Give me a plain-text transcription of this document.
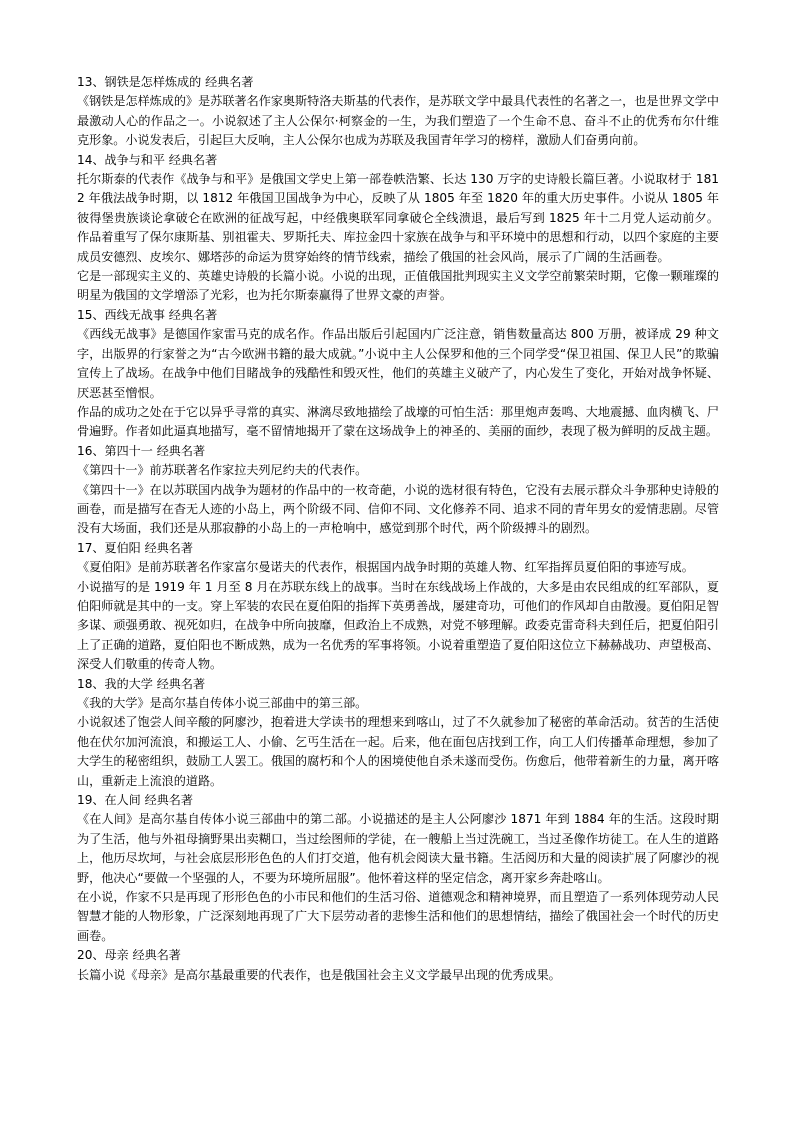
13、钢铁是怎样炼成的 经典名著

《钢铁是怎样炼成的》是苏联著名作家奥斯特洛夫斯基的代表作，是苏联文学中最具代表性的名著之一，也是世界文学中最激动人心的作品之一。小说叙述了主人公保尔·柯察金的一生，为我们塑造了一个生命不息、奋斗不止的优秀布尔什维克形象。小说发表后，引起巨大反响，主人公保尔也成为苏联及我国青年学习的榜样，激励人们奋勇向前。

14、战争与和平 经典名著

托尔斯泰的代表作《战争与和平》是俄国文学史上第一部卷帙浩繁、长达 130 万字的史诗般长篇巨著。小说取材于 1812 年俄法战争时期，以 1812 年俄国卫国战争为中心，反映了从 1805 年至 1820 年的重大历史事件。小说从 1805 年彼得堡贵族谈论拿破仑在欧洲的征战写起，中经俄奥联军同拿破仑全线溃退，最后写到 1825 年十二月党人运动前夕。作品着重写了保尔康斯基、别祖霍夫、罗斯托夫、库拉金四十家族在战争与和平环境中的思想和行动，以四个家庭的主要成员安德烈、皮埃尔、娜塔莎的命运为贯穿始终的情节线索，描绘了俄国的社会风尚，展示了广阔的生活画卷。

它是一部现实主义的、英雄史诗般的长篇小说。小说的出现，正值俄国批判现实主义文学空前繁荣时期，它像一颗璀璨的明星为俄国的文学增添了光彩，也为托尔斯泰赢得了世界文豪的声誉。

15、西线无战事 经典名著

《西线无战事》是德国作家雷马克的成名作。作品出版后引起国内广泛注意，销售数量高达 800 万册，被译成 29 种文字，出版界的行家誉之为“古今欧洲书籍的最大成就。”小说中主人公保罗和他的三个同学受“保卫祖国、保卫人民”的欺骗宣传上了战场。在战争中他们目睹战争的残酷性和毁灭性，他们的英雄主义破产了，内心发生了变化，开始对战争怀疑、厌恶甚至憎恨。

作品的成功之处在于它以异乎寻常的真实、淋漓尽致地描绘了战壕的可怕生活：那里炮声轰鸣、大地震撼、血肉横飞、尸骨遍野。作者如此逼真地描写，毫不留情地揭开了蒙在这场战争上的神圣的、美丽的面纱，表现了极为鲜明的反战主题。

16、第四十一 经典名著

《第四十一》前苏联著名作家拉夫列尼约夫的代表作。

《第四十一》在以苏联国内战争为题材的作品中的一枚奇葩，小说的选材很有特色，它没有去展示群众斗争那种史诗般的画卷，而是描写在杳无人迹的小岛上，两个阶级不同、信仰不同、文化修养不同、追求不同的青年男女的爱情悲剧。尽管没有大场面，我们还是从那寂静的小岛上的一声枪响中，感觉到那个时代，两个阶级搏斗的剧烈。

17、夏伯阳 经典名著

《夏伯阳》是前苏联著名作家富尔曼诺夫的代表作，根据国内战争时期的英雄人物、红军指挥员夏伯阳的事迹写成。

小说描写的是 1919 年 1 月至 8 月在苏联东线上的战事。当时在东线战场上作战的，大多是由农民组成的红军部队，夏伯阳师就是其中的一支。穿上军装的农民在夏伯阳的指挥下英勇善战，屡建奇功，可他们的作风却自由散漫。夏伯阳足智多谋、顽强勇敢、视死如归，在战争中所向披靡，但政治上不成熟，对党不够理解。政委克雷奇科夫到任后，把夏伯阳引上了正确的道路，夏伯阳也不断成熟，成为一名优秀的军事将领。小说着重塑造了夏伯阳这位立下赫赫战功、声望极高、深受人们敬重的传奇人物。

18、我的大学 经典名著

《我的大学》是高尔基自传体小说三部曲中的第三部。

小说叙述了饱尝人间辛酸的阿廖沙，抱着进大学读书的理想来到喀山，过了不久就参加了秘密的革命活动。贫苦的生活使他在伏尔加河流浪，和搬运工人、小偷、乞丐生活在一起。后来，他在面包店找到工作，向工人们传播革命理想，参加了大学生的秘密组织，鼓励工人罢工。俄国的腐朽和个人的困境使他自杀未遂而受伤。伤愈后，他带着新生的力量，离开喀山，重新走上流浪的道路。

19、在人间 经典名著

《在人间》是高尔基自传体小说三部曲中的第二部。小说描述的是主人公阿廖沙 1871 年到 1884 年的生活。这段时期为了生活，他与外祖母摘野果出卖糊口，当过绘图师的学徒，在一艘船上当过洗碗工，当过圣像作坊徒工。在人生的道路上，他历尽坎坷，与社会底层形形色色的人们打交道，他有机会阅读大量书籍。生活阅历和大量的阅读扩展了阿廖沙的视野，他决心“要做一个坚强的人，不要为环境所屈服”。他怀着这样的坚定信念，离开家乡奔赴喀山。

在小说，作家不只是再现了形形色色的小市民和他们的生活习俗、道德观念和精神境界，而且塑造了一系列体现劳动人民智慧才能的人物形象，广泛深刻地再现了广大下层劳动者的悲惨生活和他们的思想情结，描绘了俄国社会一个时代的历史画卷。

20、母亲 经典名著

长篇小说《母亲》是高尔基最重要的代表作，也是俄国社会主义文学最早出现的优秀成果。
